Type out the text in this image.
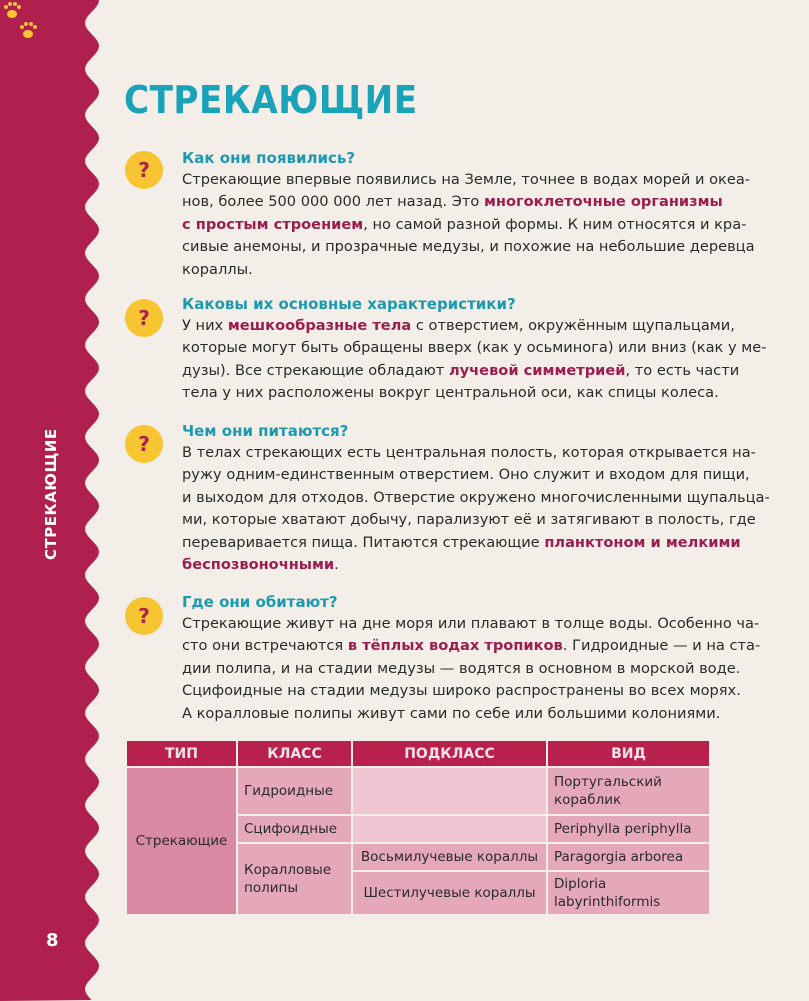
СТРЕКАЮЩИЕ
8
СТРЕКАЮЩИЕ
? Как они появились?

Стрекающие впервые появились на Земле, точнее в водах морей и океа-
нов, более 500 000 000 лет назад. Это многоклеточные организмы
с простым строением, но самой разной формы. К ним относятся и кра-
сивые анемоны, и прозрачные медузы, и похожие на небольшие деревца
кораллы.

?
Каковы их основные характеристики?

У них мешкообразные тела с отверстием, окружённым щупальцами,
которые могут быть обращены вверх (как у осьминога) или вниз (как у ме-
дузы). Все стрекающие обладают лучевой симметрией, то есть части
тела у них расположены вокруг центральной оси, как спицы колеса.

?
Чем они питаются?

В телах стрекающих есть центральная полость, которая открывается на-
ружу одним-единственным отверстием. Оно служит и входом для пищи,
и выходом для отходов. Отверстие окружено многочисленными щупальца-
ми, которые хватают добычу, парализуют её и затягивают в полость, где
переваривается пища. Питаются стрекающие планктоном и мелкими
беспозвоночными.

?
Где они обитают?

Стрекающие живут на дне моря или плавают в толще воды. Особенно ча-
сто они встречаются в тёплых водах тропиков. Гидроидные — и на ста-
дии полипа, и на стадии медузы — водятся в основном в морской воде.
Сцифоидные на стадии медузы широко распространены во всех морях.
А коралловые полипы живут сами по себе или большими колониями.

ТИП	КЛАСС	ПОДКЛАСС	ВИД
Стрекающие	Гидроидные		Португальский кораблик
	Сцифоидные		Periphylla periphylla
	Коралловые полипы	Восьмилучевые кораллы	Paragorgia arborea
		Шестилучевые кораллы	Diploria labyrinthiformis
